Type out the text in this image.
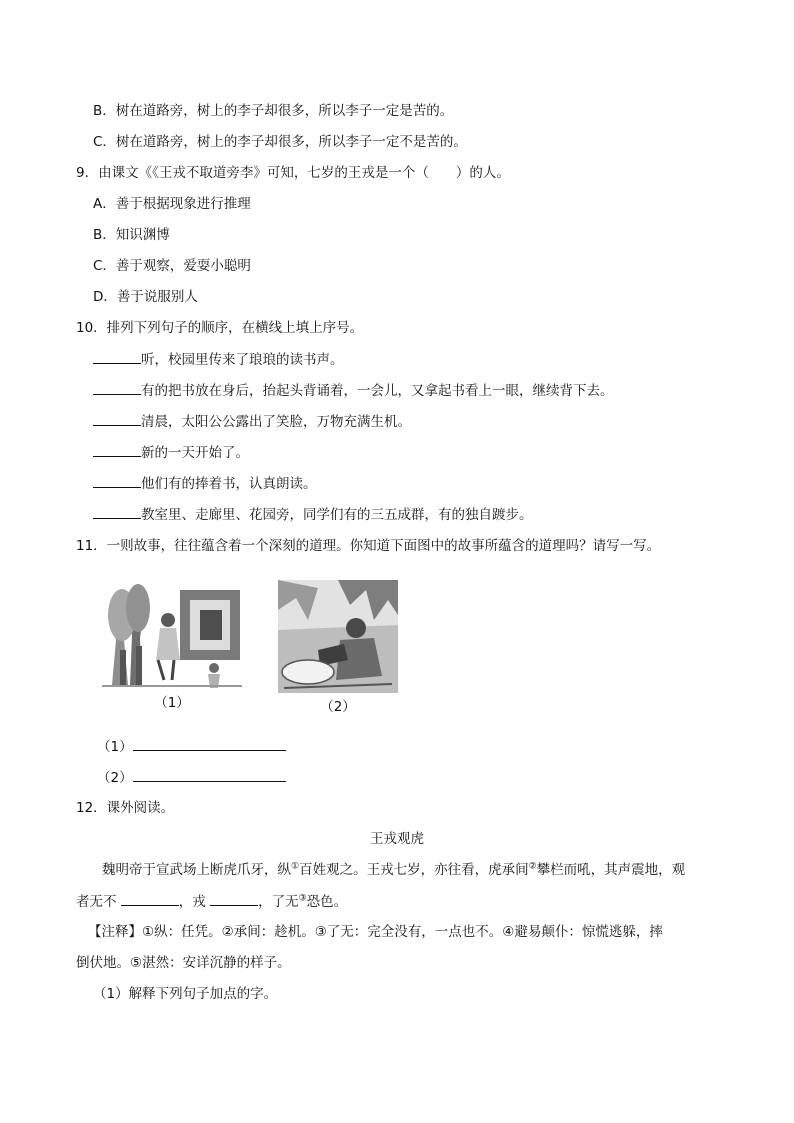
B．树在道路旁，树上的李子却很多，所以李子一定是苦的。
C．树在道路旁，树上的李子却很多，所以李子一定不是苦的。
9．由课文《《王戎不取道旁李》可知，七岁的王戎是一个（　　）的人。
A．善于根据现象进行推理
B．知识渊博
C．善于观察，爱耍小聪明
D．善于说服别人
10．排列下列句子的顺序，在横线上填上序号。
听，校园里传来了琅琅的读书声。
有的把书放在身后，抬起头背诵着，一会儿，又拿起书看上一眼，继续背下去。
清晨，太阳公公露出了笑脸，万物充满生机。
新的一天开始了。
他们有的捧着书，认真朗读。
教室里、走廊里、花园旁，同学们有的三五成群，有的独自踱步。
11．一则故事，往往蕴含着一个深刻的道理。你知道下面图中的故事所蕴含的道理吗？请写一写。
（1）	（2）
（1）
（2）
12．课外阅读。
王戎观虎
魏明帝于宣武场上断虎爪牙，纵①百姓观之。王戎七岁，亦往看，虎承间②攀栏而吼，其声震地，观
者无不	，戎	，了无③恐色。
【注释】①纵：任凭。②承间：趁机。③了无：完全没有，一点也不。④避易颠仆：惊慌逃躲，摔
倒伏地。⑤湛然：安详沉静的样子。
（1）解释下列句子加点的字。
